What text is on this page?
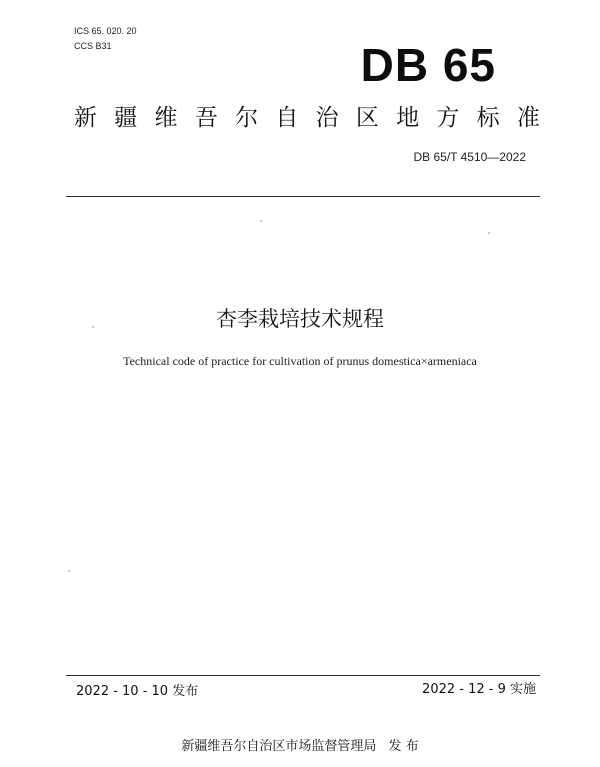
ICS 65. 020. 20
CCS B31	DB 65
新 疆 维 吾 尔 自 治 区 地 方 标 准
DB 65/T 4510—2022
杏李栽培技术规程
Technical code of practice for cultivation of prunus domestica×armeniaca
2022 - 10 - 10 发布	2022 - 12 - 9 实施
新疆维吾尔自治区市场监督管理局 发 布
